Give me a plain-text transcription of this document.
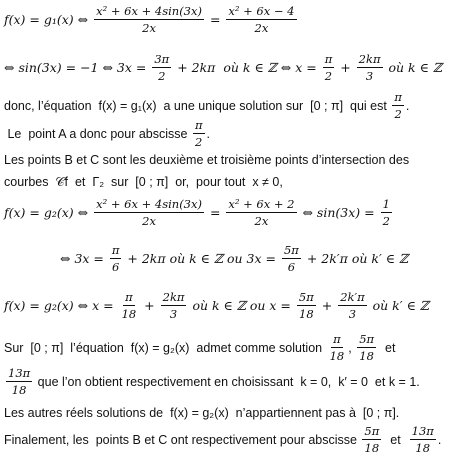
f(x) = g₁(x) ⇔ $\frac{\text{x² + 6x + 4sin(3x)}}{2x} = \frac{\text{x² + 6x − 4}}{2x}$
⇔ sin(3x) = −1 ⇔ $3x = \frac{3\pi}{2} + 2k\pi$  où k ∈ ℤ ⇔ $x = \frac{\pi}{2} + \frac{2k\pi}{3}$ où k ∈ ℤ
donc, l’équation  f(x) = g₁(x)  a une unique solution sur  [0 ; π]  qui est $\frac{\pi}{2}$ .
Le  point A a donc pour abscisse $\frac{\pi}{2}$ .
Les points B et C sont les deuxième et troisième points d’intersection des
courbes  𝒞f  et  Γ₂  sur  [0 ; π]  or,  pour tout  x ≠ 0,
f(x) = g₂(x) ⇔ $\frac{\text{x² + 6x + 4sin(3x)}}{2x} = \frac{\text{x² + 6x + 2}}{2x}$ ⇔ $\sin(3x) = \frac{1}{2}$
⇔ $3x = \frac{\pi}{6} + 2k\pi$ où k ∈ ℤ ou $3x = \frac{5\pi}{6} + 2k'\pi$ où k′ ∈ ℤ
f(x) = g₂(x) ⇔ $x = \frac{\pi}{18} + \frac{2k\pi}{3}$ où k ∈ ℤ ou $x = \frac{5\pi}{18} + \frac{2k'\pi}{3}$ où k′ ∈ ℤ
Sur  [0 ; π]  l’équation  f(x) = g₂(x)  admet comme solution $\frac{\pi}{18}$ , $\frac{5\pi}{18}$ et
$\frac{13\pi}{18}$ que l’on obtient respectivement en choisissant  k = 0,  k′ = 0  et k = 1.
Les autres réels solutions de  f(x) = g₂(x)  n’appartiennent pas à  [0 ; π].
Finalement, les  points B et C ont respectivement pour abscisse $\frac{5\pi}{18}$ et $\frac{13\pi}{18}$ .
